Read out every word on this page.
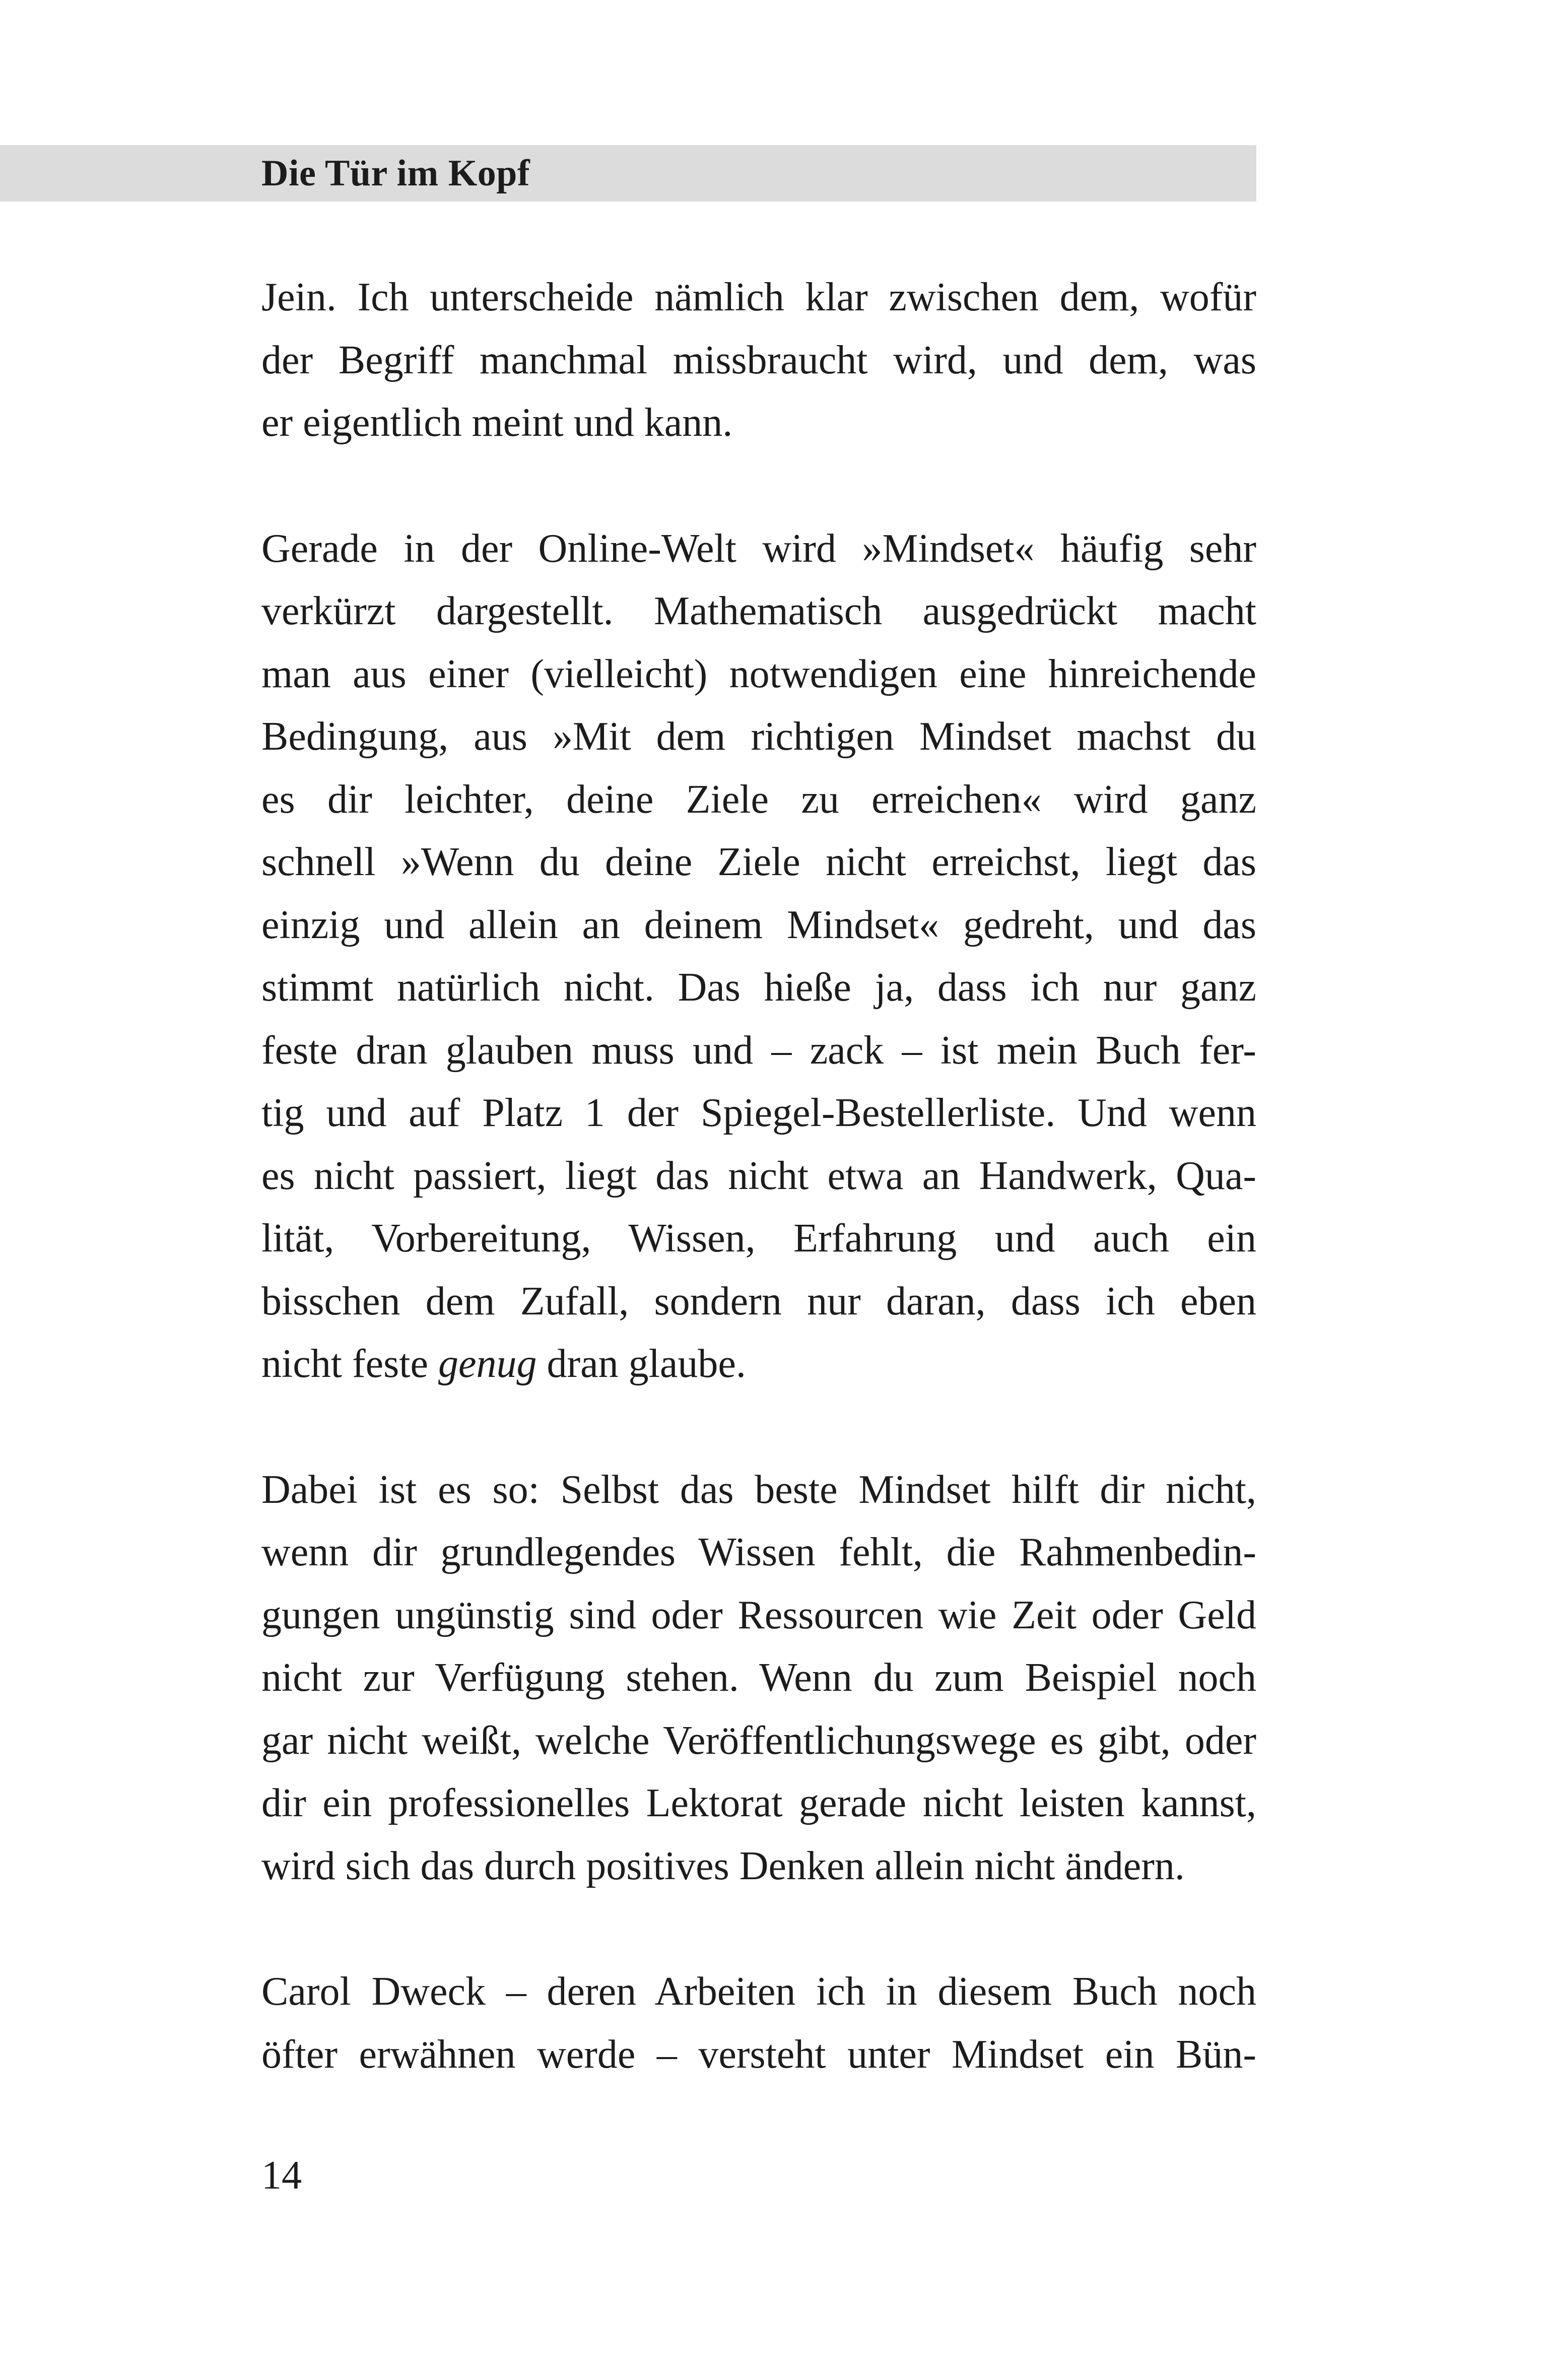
Die Tür im Kopf
Jein. Ich unterscheide nämlich klar zwischen dem, wofür
der Begriff manchmal missbraucht wird, und dem, was
er eigentlich meint und kann.
Gerade in der Online-Welt wird »Mindset« häufig sehr
verkürzt dargestellt. Mathematisch ausgedrückt macht
man aus einer (vielleicht) notwendigen eine hinreichende
Bedingung, aus »Mit dem richtigen Mindset machst du
es dir leichter, deine Ziele zu erreichen« wird ganz
schnell »Wenn du deine Ziele nicht erreichst, liegt das
einzig und allein an deinem Mindset« gedreht, und das
stimmt natürlich nicht. Das hieße ja, dass ich nur ganz
feste dran glauben muss und – zack – ist mein Buch fer-
tig und auf Platz 1 der Spiegel-Bestellerliste. Und wenn
es nicht passiert, liegt das nicht etwa an Handwerk, Qua-
lität, Vorbereitung, Wissen, Erfahrung und auch ein
bisschen dem Zufall, sondern nur daran, dass ich eben
nicht feste genug dran glaube.
Dabei ist es so: Selbst das beste Mindset hilft dir nicht,
wenn dir grundlegendes Wissen fehlt, die Rahmenbedin-
gungen ungünstig sind oder Ressourcen wie Zeit oder Geld
nicht zur Verfügung stehen. Wenn du zum Beispiel noch
gar nicht weißt, welche Veröffentlichungswege es gibt, oder
dir ein professionelles Lektorat gerade nicht leisten kannst,
wird sich das durch positives Denken allein nicht ändern.
Carol Dweck – deren Arbeiten ich in diesem Buch noch
öfter erwähnen werde – versteht unter Mindset ein Bün-
14
